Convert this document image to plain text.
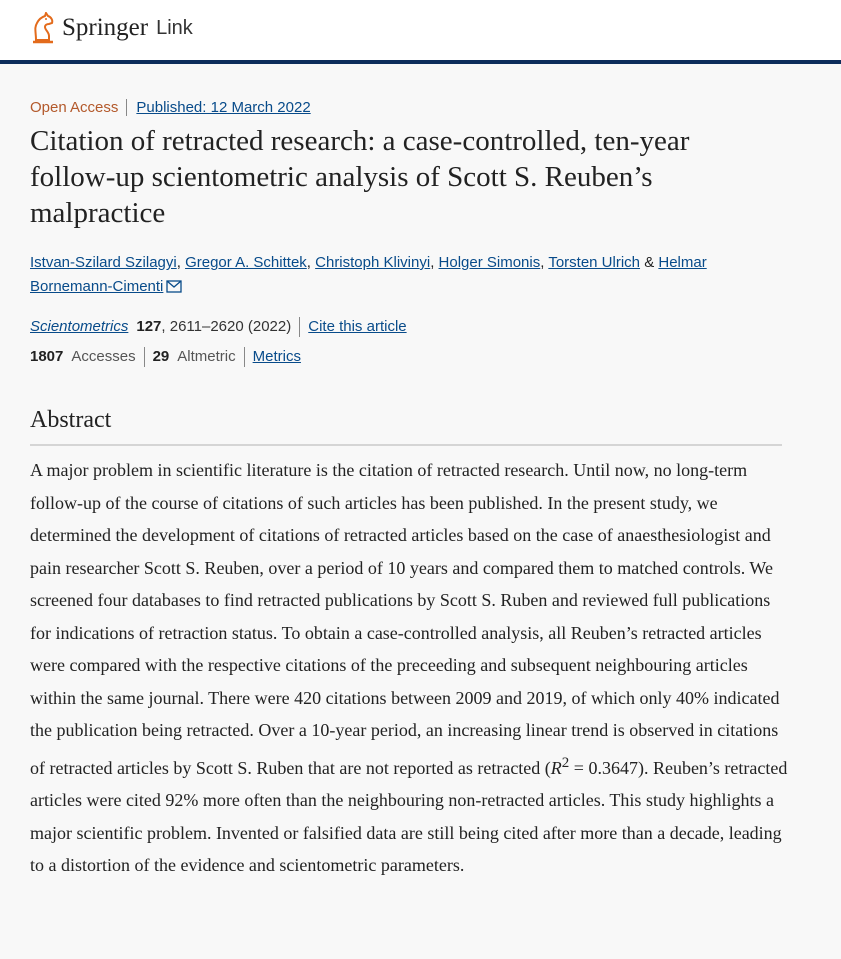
Springer Link
Open Access	Published: 12 March 2022
Citation of retracted research: a case-controlled, ten-year follow-up scientometric analysis of Scott S. Reuben’s malpractice
Istvan-Szilard Szilagyi, Gregor A. Schittek, Christoph Klivinyi, Holger Simonis, Torsten Ulrich & Helmar Bornemann-Cimenti
Scientometrics 127 , 2611–2620 (2022) Cite this article
1807 Accesses 29 Altmetric Metrics
Abstract

A major problem in scientific literature is the citation of retracted research. Until now, no long-term follow-up of the course of citations of such articles has been published. In the present study, we determined the development of citations of retracted articles based on the case of anaesthesiologist and pain researcher Scott S. Reuben, over a period of 10 years and compared them to matched controls. We screened four databases to find retracted publications by Scott S. Ruben and reviewed full publications for indications of retraction status. To obtain a case-controlled analysis, all Reuben’s retracted articles were compared with the respective citations of the preceeding and subsequent neighbouring articles within the same journal. There were 420 citations between 2009 and 2019, of which only 40% indicated the publication being retracted. Over a 10-year period, an increasing linear trend is observed in citations of retracted articles by Scott S. Ruben that are not reported as retracted $(R^2 = 0.3647)$. Reuben’s retracted articles were cited 92% more often than the neighbouring non-retracted articles. This study highlights a major scientific problem. Invented or falsified data are still being cited after more than a decade, leading to a distortion of the evidence and scientometric parameters.
